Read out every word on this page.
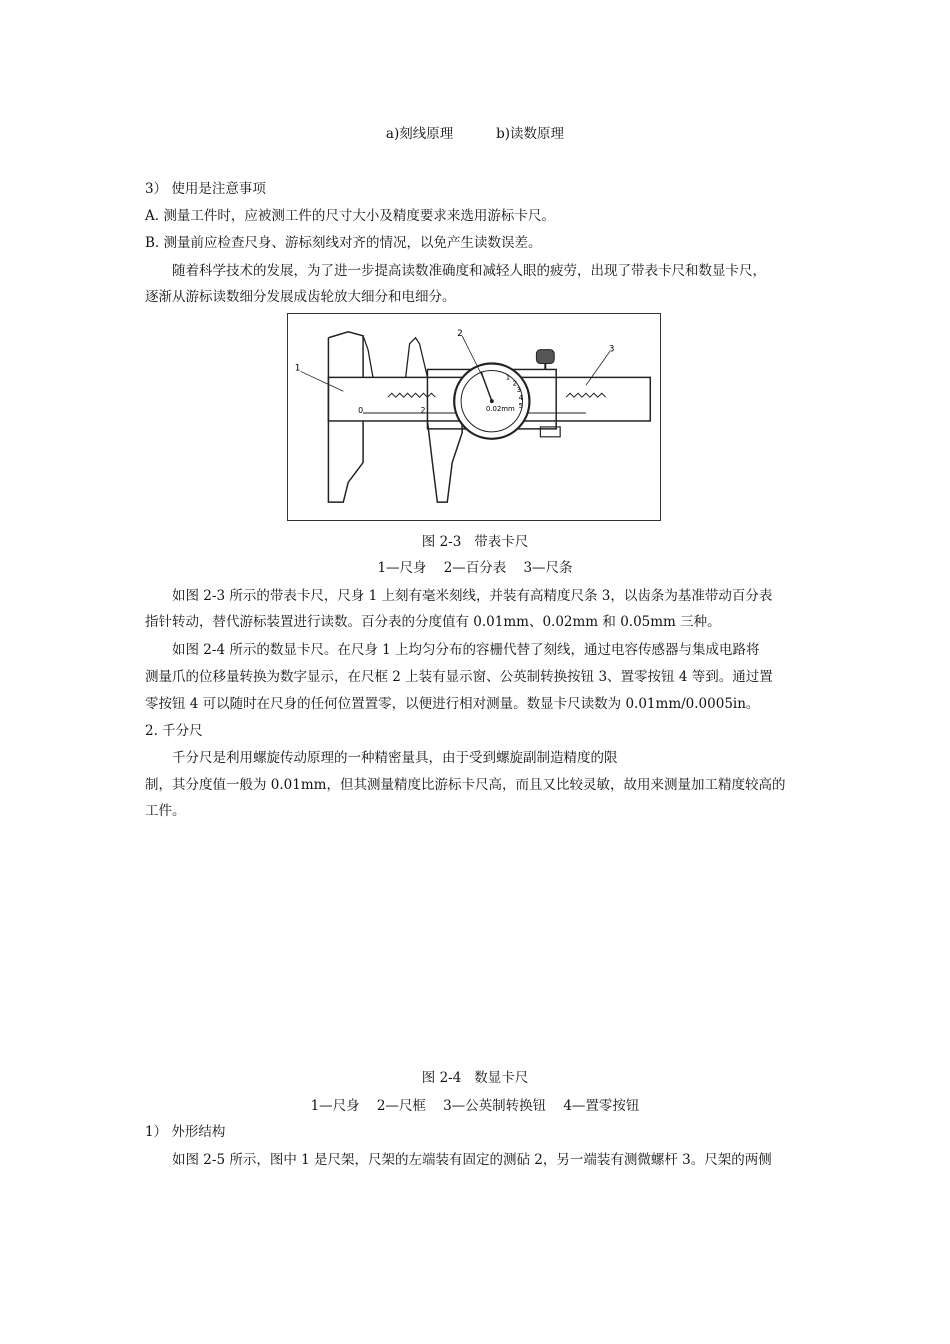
a)刻线原理          b)读数原理
3） 使用是注意事项
A. 测量工件时，应被测工件的尺寸大小及精度要求来选用游标卡尺。
B. 测量前应检查尺身、游标刻线对齐的情况，以免产生读数误差。
随着科学技术的发展，为了进一步提高读数准确度和减轻人眼的疲劳，出现了带表卡尺和数显卡尺，
逐渐从游标读数细分发展成齿轮放大细分和电细分。
0	2	0.02mm
1
2
3
4
5
1
2
3
图 2-3   带表卡尺
1—尺身    2—百分表    3—尺条
如图 2-3 所示的带表卡尺，尺身 1 上刻有毫米刻线，并装有高精度尺条 3，以齿条为基准带动百分表
指针转动，替代游标装置进行读数。百分表的分度值有 0.01mm、0.02mm 和 0.05mm 三种。
如图 2-4 所示的数显卡尺。在尺身 1 上均匀分布的容栅代替了刻线，通过电容传感器与集成电路将
测量爪的位移量转换为数字显示，在尺框 2 上装有显示窗、公英制转换按钮 3、置零按钮 4 等到。通过置
零按钮 4 可以随时在尺身的任何位置置零，以便进行相对测量。数显卡尺读数为 0.01mm/0.0005in。
2. 千分尺
千分尺是利用螺旋传动原理的一种精密量具，由于受到螺旋副制造精度的限
制，其分度值一般为 0.01mm，但其测量精度比游标卡尺高，而且又比较灵敏，故用来测量加工精度较高的
工件。
图 2-4   数显卡尺
1—尺身    2—尺框    3—公英制转换钮    4—置零按钮
1） 外形结构
如图 2-5 所示，图中 1 是尺架，尺架的左端装有固定的测砧 2，另一端装有测微螺杆 3。尺架的两侧
